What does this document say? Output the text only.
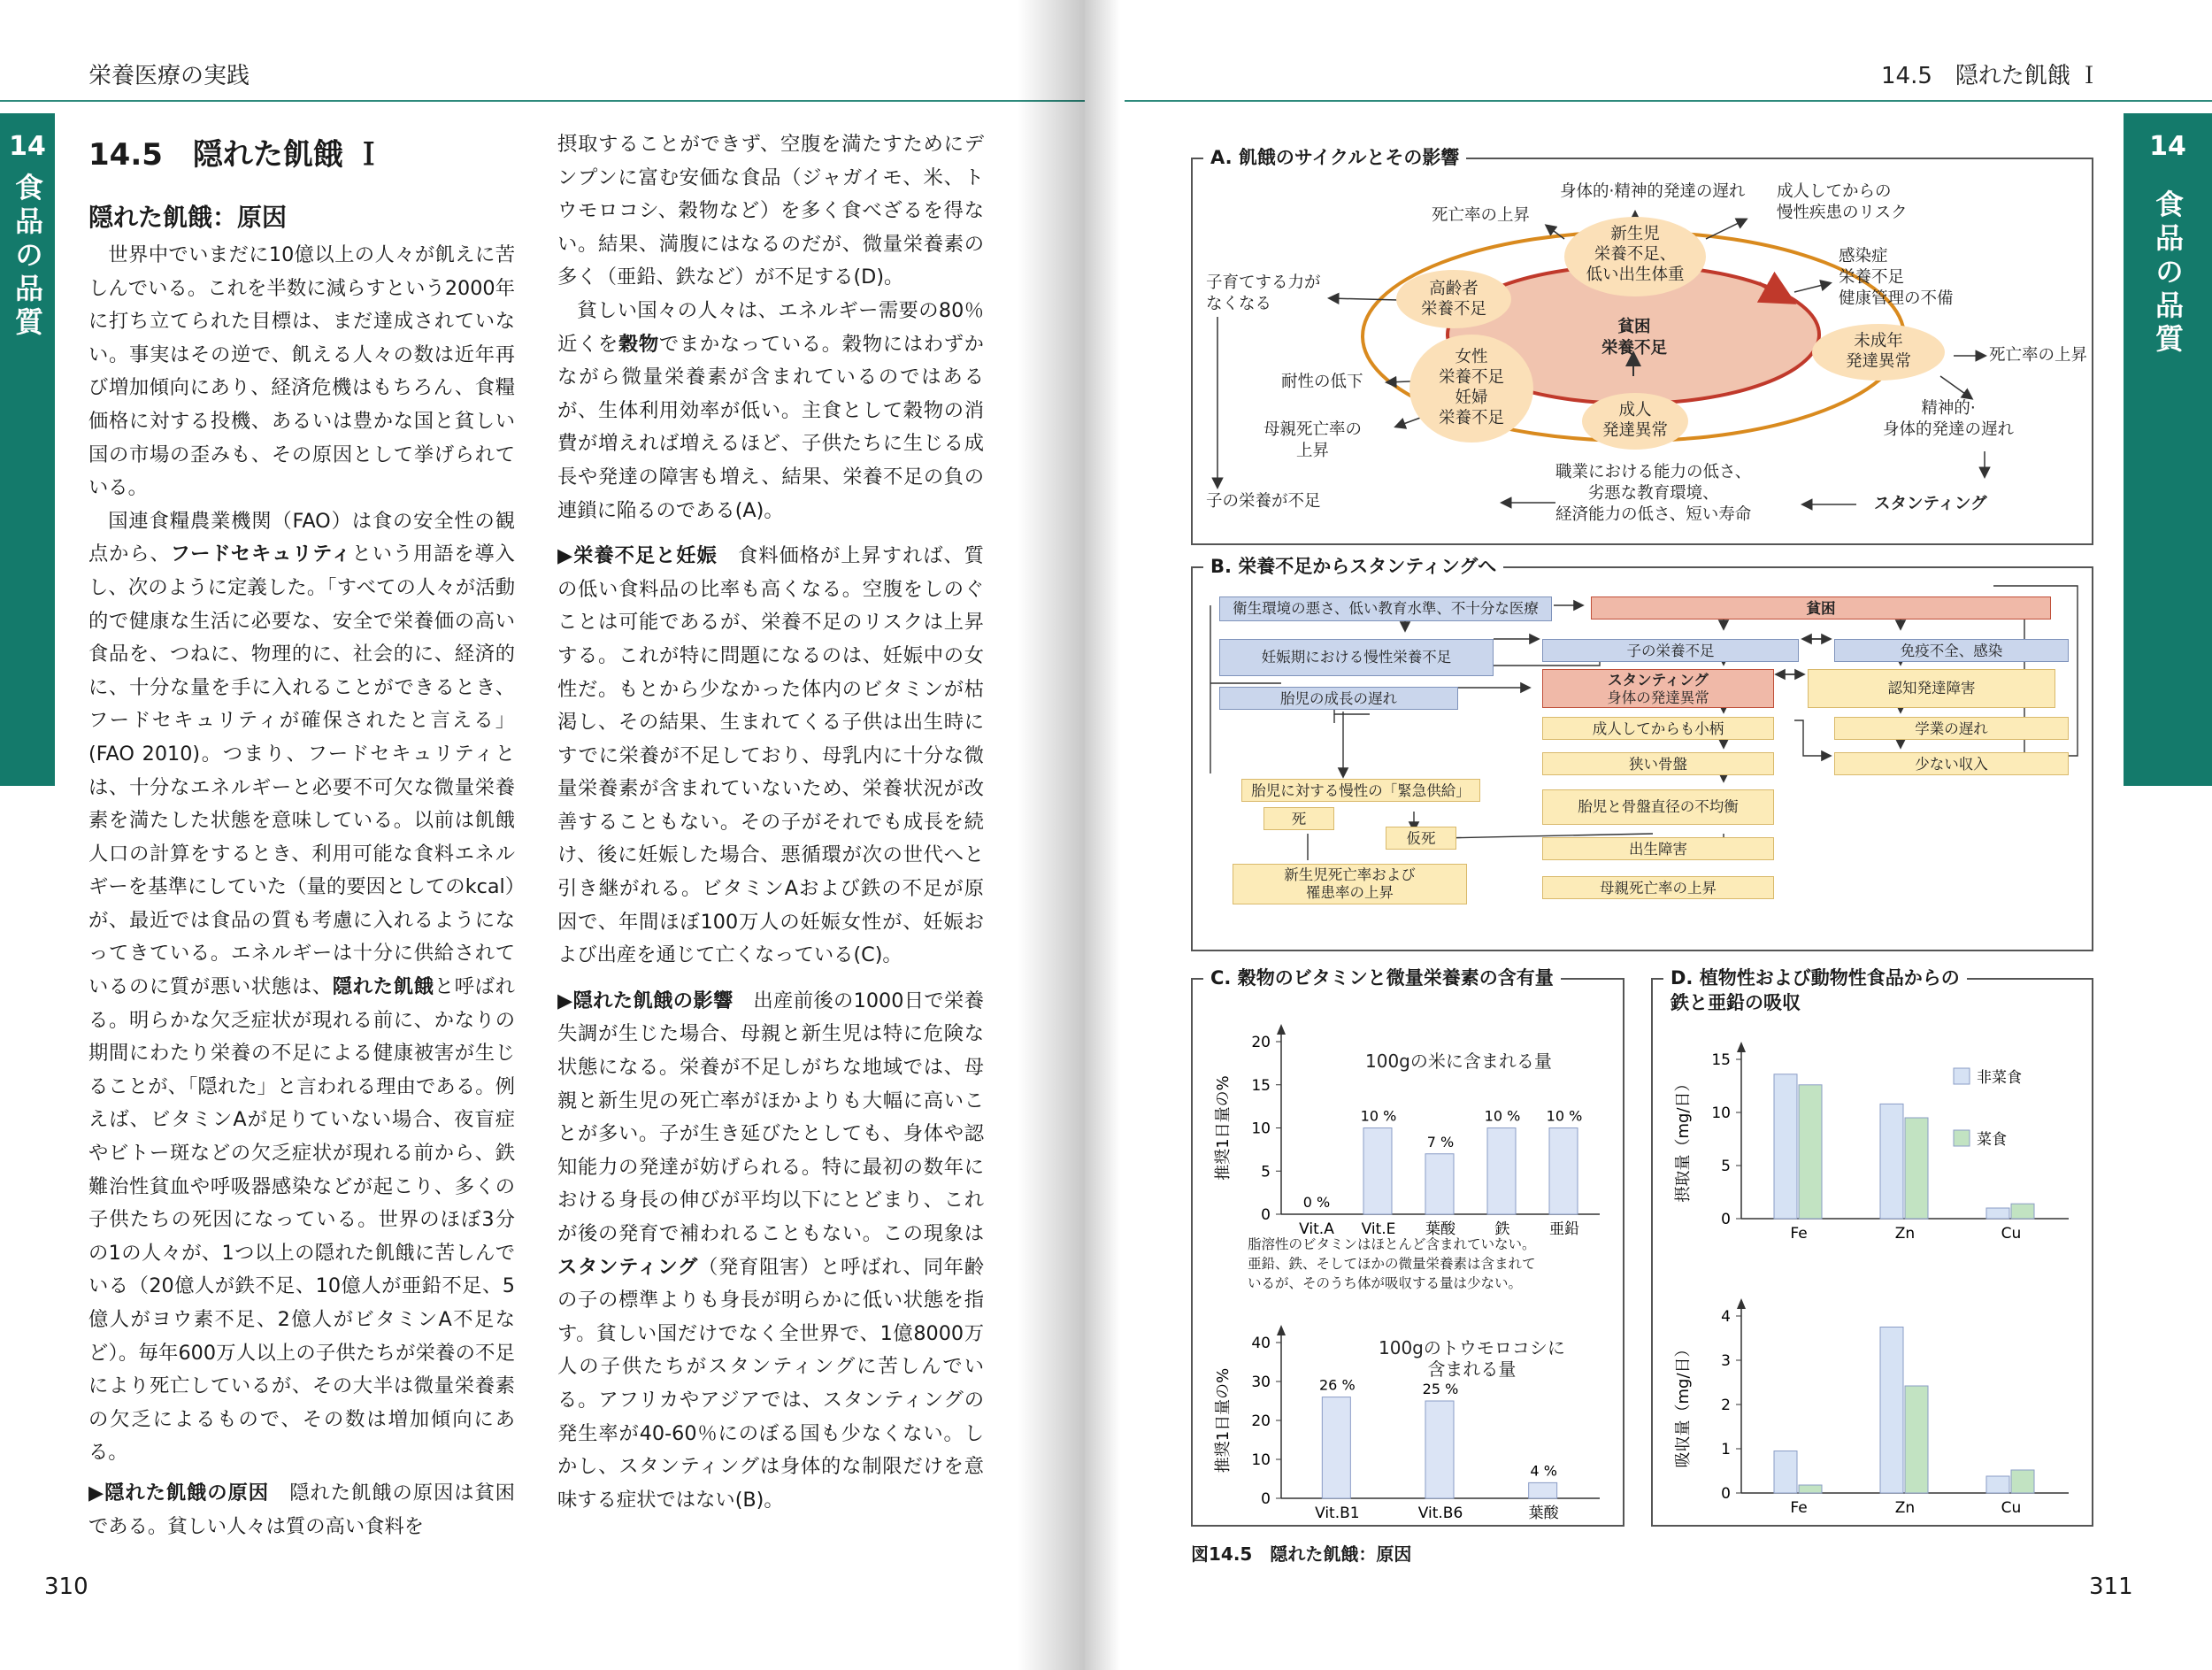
栄養医療の実践
14
食品の品質
14.5　隠れた飢餓 Ｉ
隠れた飢餓：原因

世界中でいまだに10億以上の人々が飢えに苦しんでいる。これを半数に減らすという2000年に打ち立てられた目標は、まだ達成されていない。事実はその逆で、飢える人々の数は近年再び増加傾向にあり、経済危機はもちろん、食糧価格に対する投機、あるいは豊かな国と貧しい国の市場の歪みも、その原因として挙げられている。

国連食糧農業機関（FAO）は食の安全性の観点から、フードセキュリティという用語を導入し、次のように定義した。「すべての人々が活動的で健康な生活に必要な、安全で栄養価の高い食品を、つねに、物理的に、社会的に、経済的に、十分な量を手に入れることができるとき、フードセキュリティが確保されたと言える」(FAO 2010)。つまり、フードセキュリティとは、十分なエネルギーと必要不可欠な微量栄養素を満たした状態を意味している。以前は飢餓人口の計算をするとき、利用可能な食料エネルギーを基準にしていた（量的要因としてのkcal）が、最近では食品の質も考慮に入れるようになってきている。エネルギーは十分に供給されているのに質が悪い状態は、隠れた飢餓と呼ばれる。明らかな欠乏症状が現れる前に、かなりの期間にわたり栄養の不足による健康被害が生じることが、「隠れた」と言われる理由である。例えば、ビタミンAが足りていない場合、夜盲症やビトー斑などの欠乏症状が現れる前から、鉄難治性貧血や呼吸器感染などが起こり、多くの子供たちの死因になっている。世界のほぼ3分の1の人々が、1つ以上の隠れた飢餓に苦しんでいる（20億人が鉄不足、10億人が亜鉛不足、5億人がヨウ素不足、2億人がビタミンA不足など）。毎年600万人以上の子供たちが栄養の不足により死亡しているが、その大半は微量栄養素の欠乏によるもので、その数は増加傾向にある。

▶隠れた飢餓の原因　隠れた飢餓の原因は貧困である。貧しい人々は質の高い食料を

摂取することができず、空腹を満たすためにデンプンに富む安価な食品（ジャガイモ、米、トウモロコシ、穀物など）を多く食べざるを得ない。結果、満腹にはなるのだが、微量栄養素の多く（亜鉛、鉄など）が不足する(D)。

貧しい国々の人々は、エネルギー需要の80％近くを穀物でまかなっている。穀物にはわずかながら微量栄養素が含まれているのではあるが、生体利用効率が低い。主食として穀物の消費が増えれば増えるほど、子供たちに生じる成長や発達の障害も増え、結果、栄養不足の負の連鎖に陥るのである(A)。

▶栄養不足と妊娠　食料価格が上昇すれば、質の低い食料品の比率も高くなる。空腹をしのぐことは可能であるが、栄養不足のリスクは上昇する。これが特に問題になるのは、妊娠中の女性だ。もとから少なかった体内のビタミンが枯渇し、その結果、生まれてくる子供は出生時にすでに栄養が不足しており、母乳内に十分な微量栄養素が含まれていないため、栄養状況が改善することもない。その子がそれでも成長を続け、後に妊娠した場合、悪循環が次の世代へと引き継がれる。ビタミンAおよび鉄の不足が原因で、年間ほぼ100万人の妊娠女性が、妊娠および出産を通じて亡くなっている(C)。

▶隠れた飢餓の影響　出産前後の1000日で栄養失調が生じた場合、母親と新生児は特に危険な状態になる。栄養が不足しがちな地域では、母親と新生児の死亡率がほかよりも大幅に高いことが多い。子が生き延びたとしても、身体や認知能力の発達が妨げられる。特に最初の数年における身長の伸びが平均以下にとどまり、これが後の発育で補われることもない。この現象はスタンティング（発育阻害）と呼ばれ、同年齢の子の標準よりも身長が明らかに低い状態を指す。貧しい国だけでなく全世界で、1億8000万人の子供たちがスタンティングに苦しんでいる。アフリカやアジアでは、スタンティングの発生率が40-60％にのぼる国も少なくない。しかし、スタンティングは身体的な制限だけを意味する症状ではない(B)。

310
14.5　隠れた飢餓 Ｉ
14

食品の品質
A. 飢餓のサイクルとその影響
貧困
栄養不足
新生児
栄養不足、
低い出生体重
高齢者
栄養不足
女性
栄養不足
妊婦
栄養不足	成人
発達異常
未成年
発達異常
死亡率の上昇
身体的·精神的発達の遅れ 成人してからの
慢性疾患のリスク
子育てする力が
なくなる
感染症
栄養不足
健康管理の不備
死亡率の上昇
耐性の低下
母親死亡率の
上昇
精神的·
身体的発達の遅れ
子の栄養が不足
職業における能力の低さ、
劣悪な教育環境、
経済能力の低さ、短い寿命
スタンティング
B. 栄養不足からスタンティングへ
衛生環境の悪さ、低い教育水準、不十分な医療	貧困
妊娠期における慢性栄養不足	子の栄養不足	免疫不全、感染
胎児の成長の遅れ
スタンティング
身体の発達異常
認知発達障害
成人してからも小柄	学業の遅れ
狭い骨盤	少ない収入
胎児に対する慢性の「緊急供給」
死
仮死
胎児と骨盤直径の不均衡
出生障害
新生児死亡率および
罹患率の上昇	母親死亡率の上昇
C. 穀物のビタミンと微量栄養素の含有量
0
5
10
15
20
推奨1日量の%
Vit.A
0 %
Vit.E
10 %
葉酸
7 %
鉄
10 %
亜鉛
10 %
100gの米に含まれる量
脂溶性のビタミンはほとんど含まれていない。
亜鉛、鉄、そしてほかの微量栄養素は含まれて
いるが、そのうち体が吸収する量は少ない。
0
10
20
30
40
推奨1日量の%
Vit.B1
26 %
Vit.B6
25 %
葉酸
4 %
100gのトウモロコシに
含まれる量
D. 植物性および動物性食品からの
鉄と亜鉛の吸収
0
5
10
15
摂取量（mg/日）
Fe	Zn	Cu
非菜食
菜食
0
1
2
3
4
吸収量（mg/日）
Fe	Zn	Cu
図14.5　隠れた飢餓：原因
311
